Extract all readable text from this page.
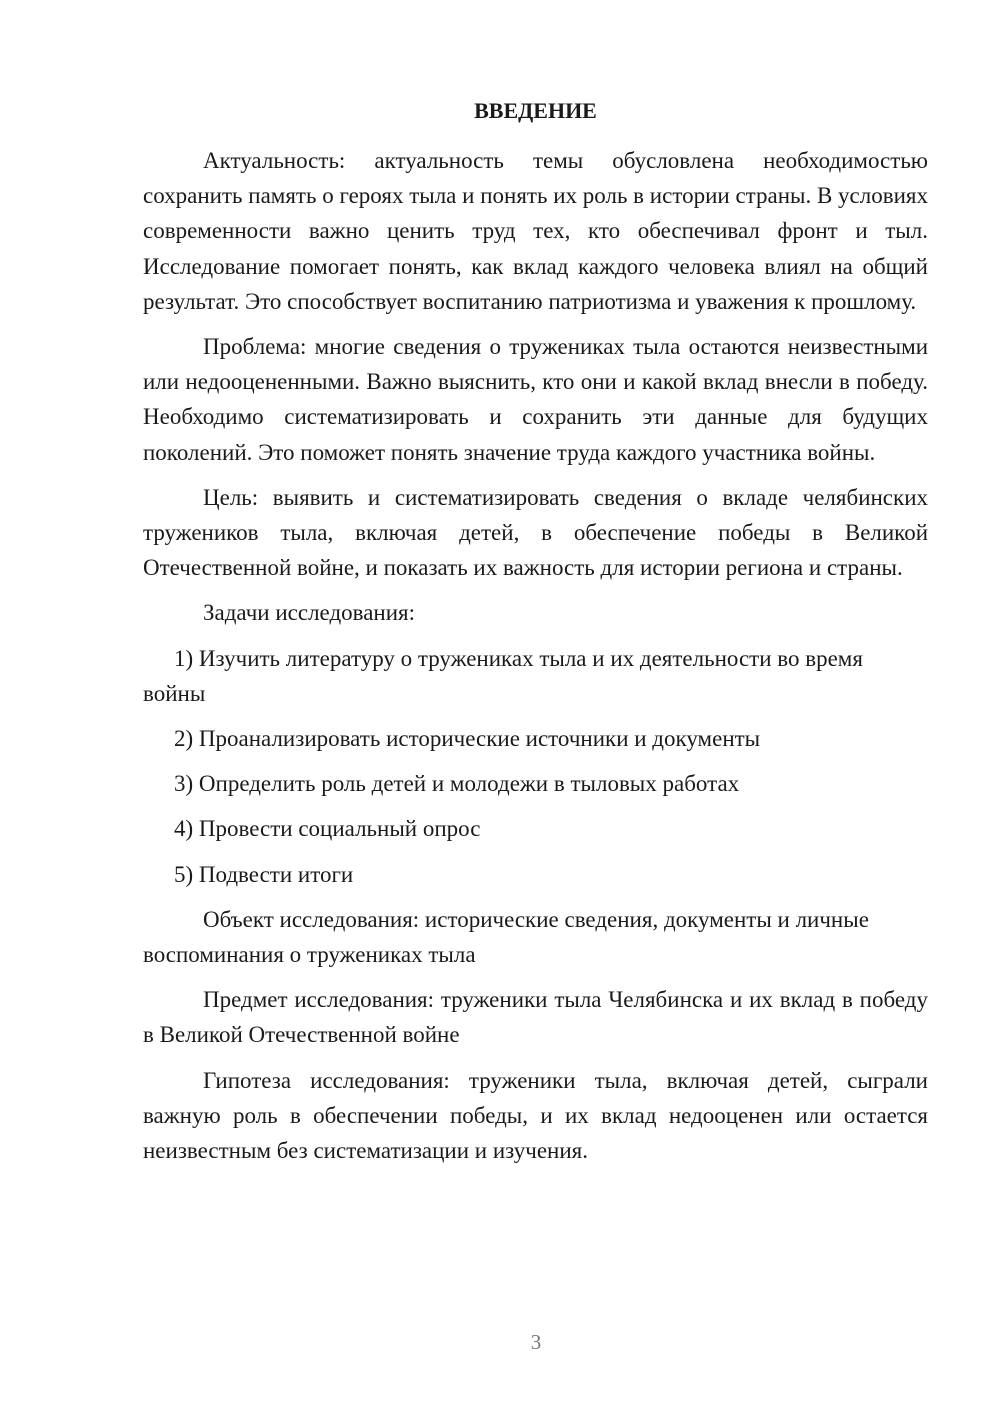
ВВЕДЕНИЕ

Актуальность: актуальность темы обусловлена необходимостью сохранить память о героях тыла и понять их роль в истории страны. В условиях современности важно ценить труд тех, кто обеспечивал фронт и тыл. Исследование помогает понять, как вклад каждого человека влиял на общий результат. Это способствует воспитанию патриотизма и уважения к прошлому.

Проблема: многие сведения о тружениках тыла остаются неизвестными или недооцененными. Важно выяснить, кто они и какой вклад внесли в победу. Необходимо систематизировать и сохранить эти данные для будущих поколений. Это поможет понять значение труда каждого участника войны.

Цель: выявить и систематизировать сведения о вкладе челябинских тружеников тыла, включая детей, в обеспечение победы в Великой Отечественной войне, и показать их важность для истории региона и страны.

Задачи исследования:

1) Изучить литературу о тружениках тыла и их деятельности во время войны

2) Проанализировать исторические источники и документы

3) Определить роль детей и молодежи в тыловых работах

4) Провести социальный опрос

5) Подвести итоги

Объект исследования: исторические сведения, документы и личные воспоминания о тружениках тыла

Предмет исследования: труженики тыла Челябинска и их вклад в победу в Великой Отечественной войне

Гипотеза исследования: труженики тыла, включая детей, сыграли важную роль в обеспечении победы, и их вклад недооценен или остается неизвестным без систематизации и изучения.

3
